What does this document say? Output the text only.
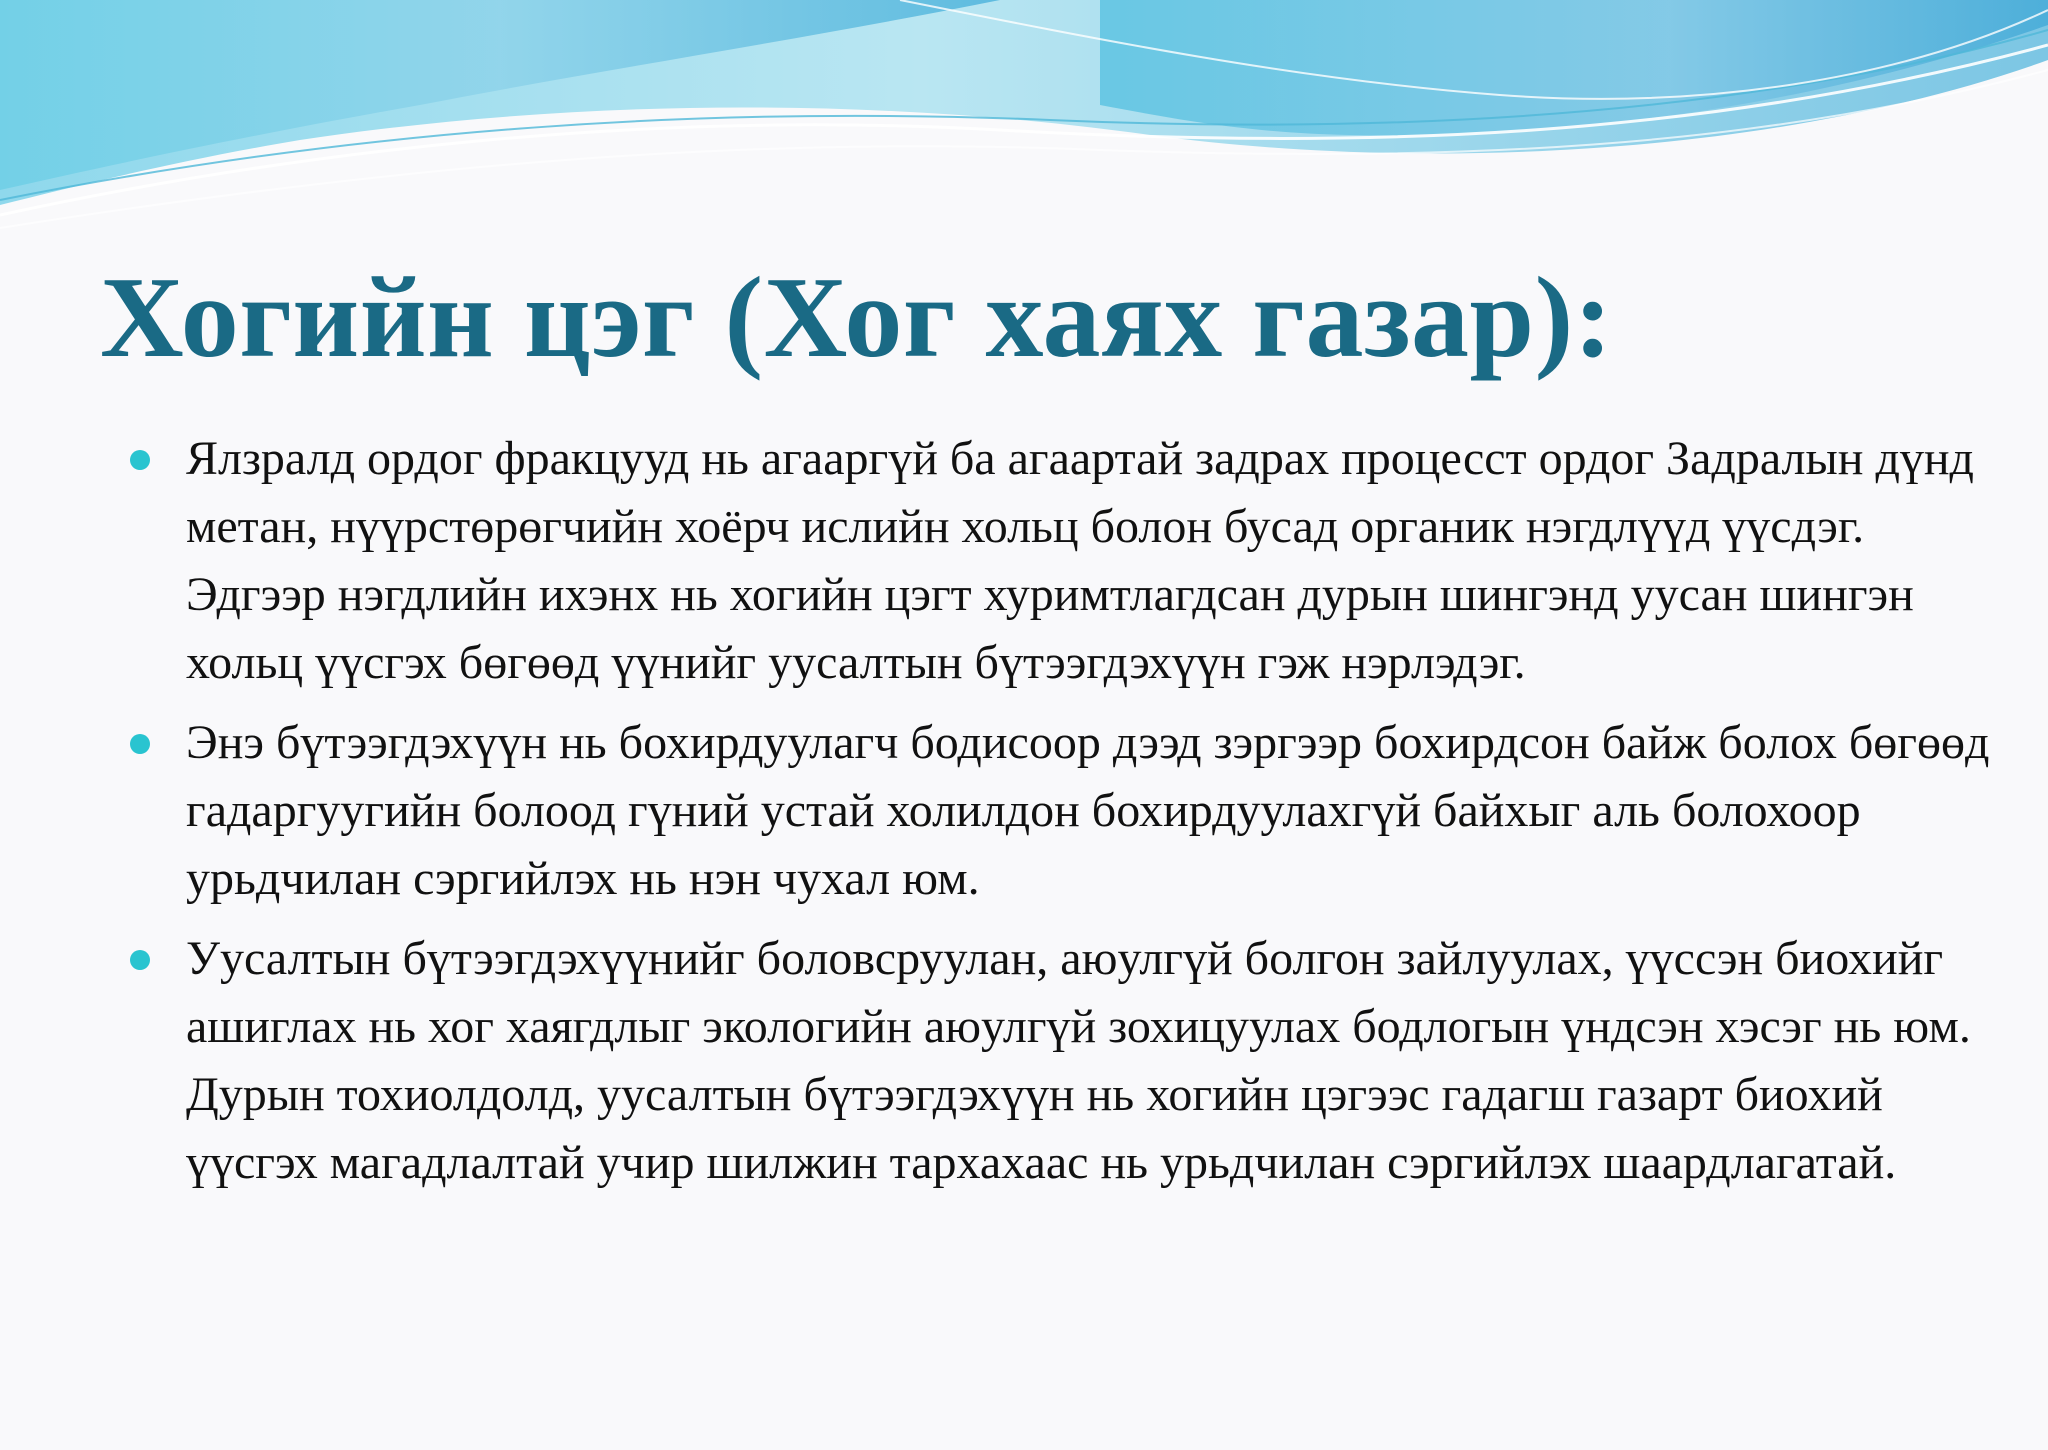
Хогийн цэг (Хог хаях газар):
Ялзралд ордог фракцууд нь агааргүй ба агаартай задрах процесст ордог Задралын дүнд метан, нүүрстөрөгчийн хоёрч ислийн хольц болон бусад органик нэгдлүүд үүсдэг. Эдгээр нэгдлийн ихэнх нь хогийн цэгт хуримтлагдсан дурын шингэнд уусан шингэн хольц үүсгэх бөгөөд үүнийг уусалтын бүтээгдэхүүн гэж нэрлэдэг.
Энэ бүтээгдэхүүн нь бохирдуулагч бодисоор дээд зэргээр бохирдсон байж болох бөгөөд гадаргуугийн болоод гүний устай холилдон бохирдуулахгүй байхыг аль болохоор урьдчилан сэргийлэх нь нэн чухал юм.
Уусалтын бүтээгдэхүүнийг боловсруулан, аюулгүй болгон зайлуулах, үүссэн биохийг ашиглах нь хог хаягдлыг экологийн аюулгүй зохицуулах бодлогын үндсэн хэсэг нь юм. Дурын тохиолдолд, уусалтын бүтээгдэхүүн нь хогийн цэгээс гадагш газарт биохий үүсгэх магадлалтай учир шилжин тархахаас нь урьдчилан сэргийлэх шаардлагатай.
